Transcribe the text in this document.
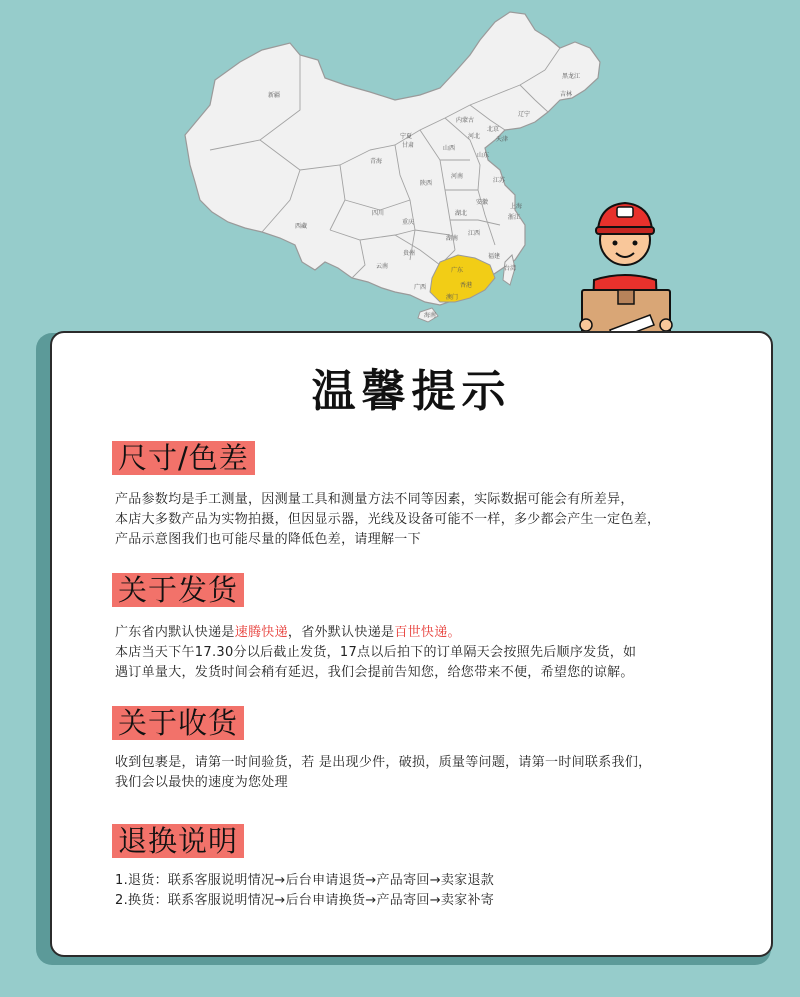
新疆
西藏
青海
甘肃
内蒙古
黑龙江
吉林
辽宁
北京
天津
河北
山西
陕西
宁夏
山东
河南
江苏
安徽
上海
湖北
四川
重庆
浙江
江西
湖南
贵州
云南
福建
台湾
广西
广东
香港
澳门
海南
温馨提示
尺寸/色差
产品参数均是手工测量，因测量工具和测量方法不同等因素，实际数据可能会有所差异，
本店大多数产品为实物拍摄，但因显示器，光线及设备可能不一样，多少都会产生一定色差，
产品示意图我们也可能尽量的降低色差，请理解一下
关于发货
广东省内默认快递是速腾快递，省外默认快递是百世快递。
本店当天下午17.30分以后截止发货，17点以后拍下的订单隔天会按照先后顺序发货，如
遇订单量大，发货时间会稍有延迟，我们会提前告知您，给您带来不便，希望您的谅解。
关于收货
收到包裹是，请第一时间验货，若 是出现少件，破损，质量等问题，请第一时间联系我们，
我们会以最快的速度为您处理
退换说明
1.退货：联系客服说明情况→后台申请退货→产品寄回→卖家退款
2.换货：联系客服说明情况→后台申请换货→产品寄回→卖家补寄
